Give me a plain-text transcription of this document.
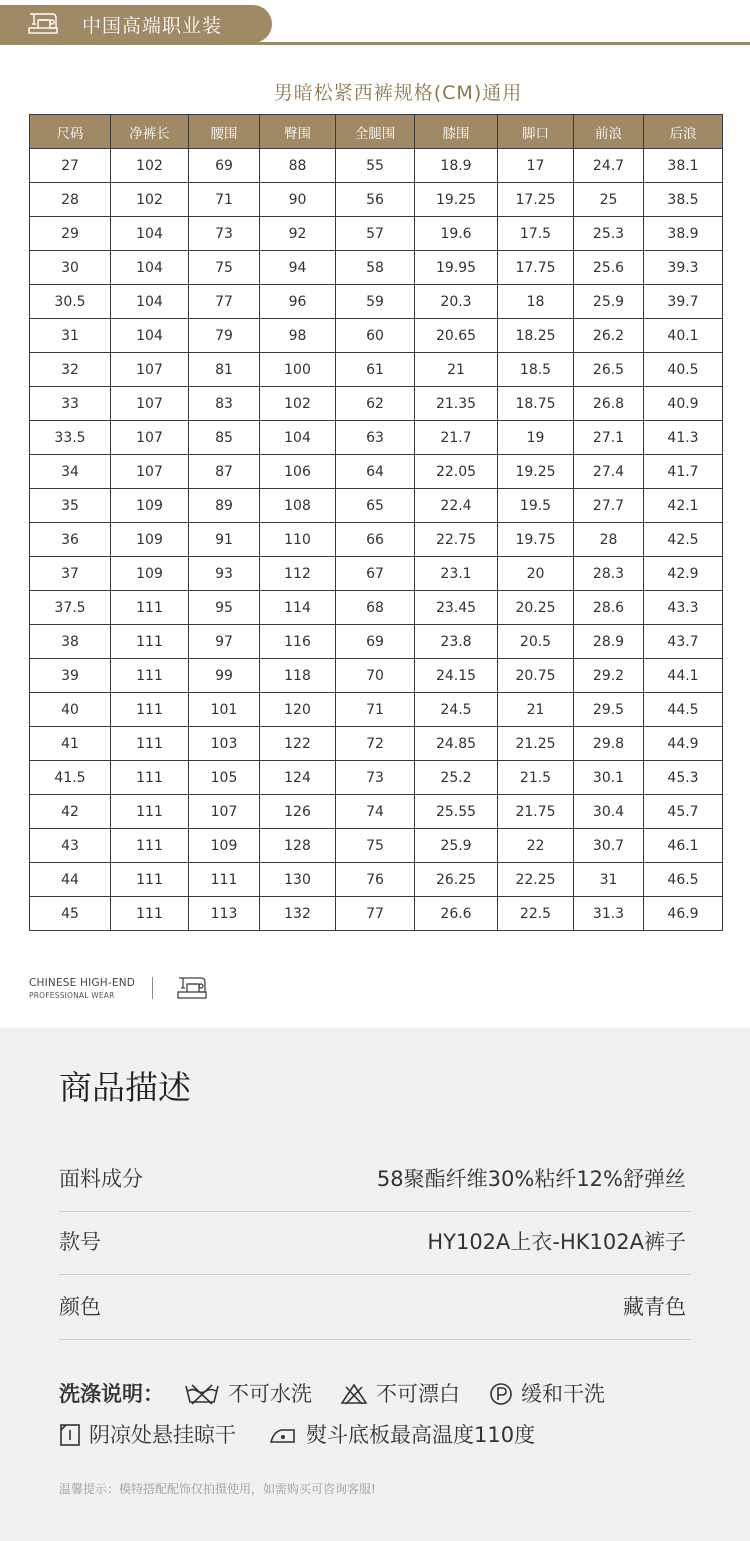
中国高端职业装
男暗松紧西裤规格(CM)通用
尺码	净裤长	腰围	臀围	全腿围	膝围	脚口	前浪	后浪
27	102	69	88	55	18.9	17	24.7	38.1
28	102	71	90	56	19.25	17.25	25	38.5
29	104	73	92	57	19.6	17.5	25.3	38.9
30	104	75	94	58	19.95	17.75	25.6	39.3
30.5	104	77	96	59	20.3	18	25.9	39.7
31	104	79	98	60	20.65	18.25	26.2	40.1
32	107	81	100	61	21	18.5	26.5	40.5
33	107	83	102	62	21.35	18.75	26.8	40.9
33.5	107	85	104	63	21.7	19	27.1	41.3
34	107	87	106	64	22.05	19.25	27.4	41.7
35	109	89	108	65	22.4	19.5	27.7	42.1
36	109	91	110	66	22.75	19.75	28	42.5
37	109	93	112	67	23.1	20	28.3	42.9
37.5	111	95	114	68	23.45	20.25	28.6	43.3
38	111	97	116	69	23.8	20.5	28.9	43.7
39	111	99	118	70	24.15	20.75	29.2	44.1
40	111	101	120	71	24.5	21	29.5	44.5
41	111	103	122	72	24.85	21.25	29.8	44.9
41.5	111	105	124	73	25.2	21.5	30.1	45.3
42	111	107	126	74	25.55	21.75	30.4	45.7
43	111	109	128	75	25.9	22	30.7	46.1
44	111	111	130	76	26.25	22.25	31	46.5
45	111	113	132	77	26.6	22.5	31.3	46.9
CHINESE HIGH-END
PROFESSIONAL WEAR
商品描述
面料成分	58聚酯纤维30%粘纤12%舒弹丝
款号	HY102A上衣-HK102A裤子
颜色	藏青色
洗涤说明：	不可水洗	不可漂白	缓和干洗
阴凉处悬挂晾干	熨斗底板最高温度110度
温馨提示：模特搭配配饰仅拍摄使用，如需购买可咨询客服!
